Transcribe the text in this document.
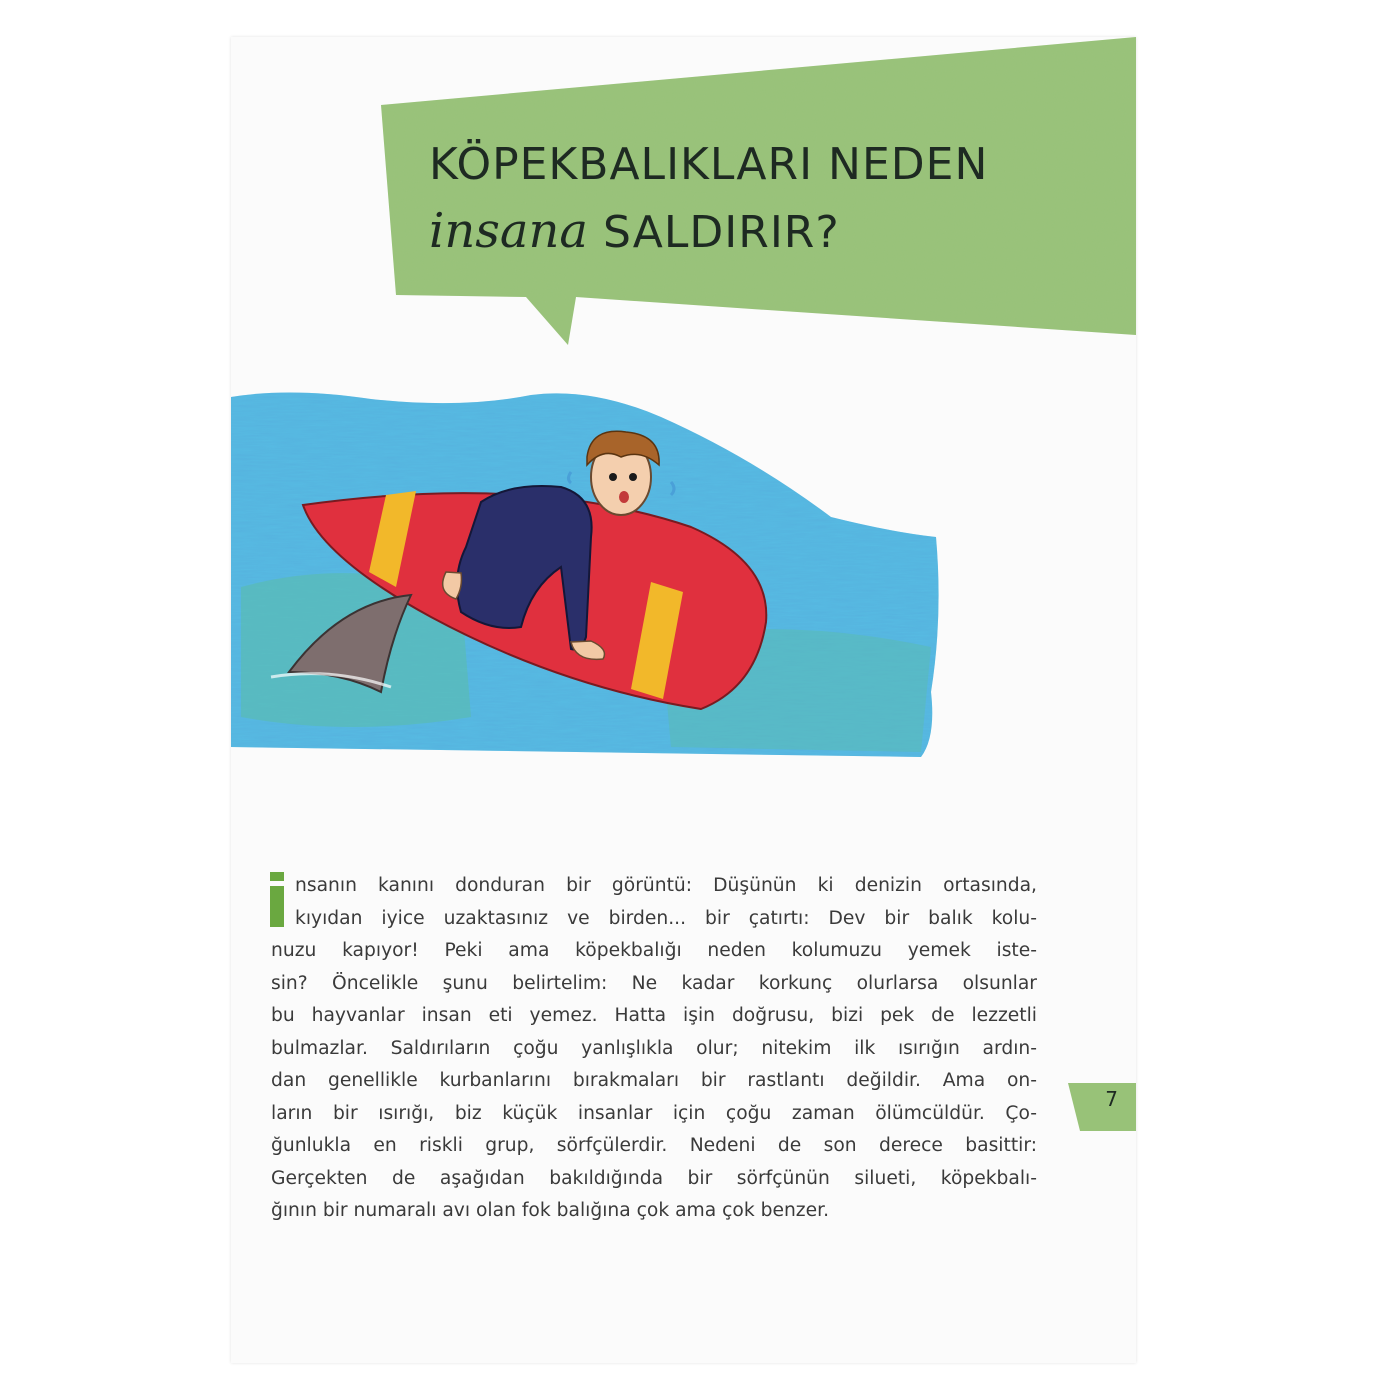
KÖPEKBALIKLARI NEDEN
insana SALDIRIR?
nsanın kanını donduran bir görüntü: Düşünün ki denizin ortasında,
kıyıdan iyice uzaktasınız ve birden... bir çatırtı: Dev bir balık kolu-
nuzu kapıyor! Peki ama köpekbalığı neden kolumuzu yemek iste-
sin? Öncelikle şunu belirtelim: Ne kadar korkunç olurlarsa olsunlar
bu hayvanlar insan eti yemez. Hatta işin doğrusu, bizi pek de lezzetli
bulmazlar. Saldırıların çoğu yanlışlıkla olur; nitekim ilk ısırığın ardın-
dan genellikle kurbanlarını bırakmaları bir rastlantı değildir. Ama on-
ların bir ısırığı, biz küçük insanlar için çoğu zaman ölümcüldür. Ço-
ğunlukla en riskli grup, sörfçülerdir. Nedeni de son derece basittir:
Gerçekten de aşağıdan bakıldığında bir sörfçünün silueti, köpekbalı-
ğının bir numaralı avı olan fok balığına çok ama çok benzer.
7
